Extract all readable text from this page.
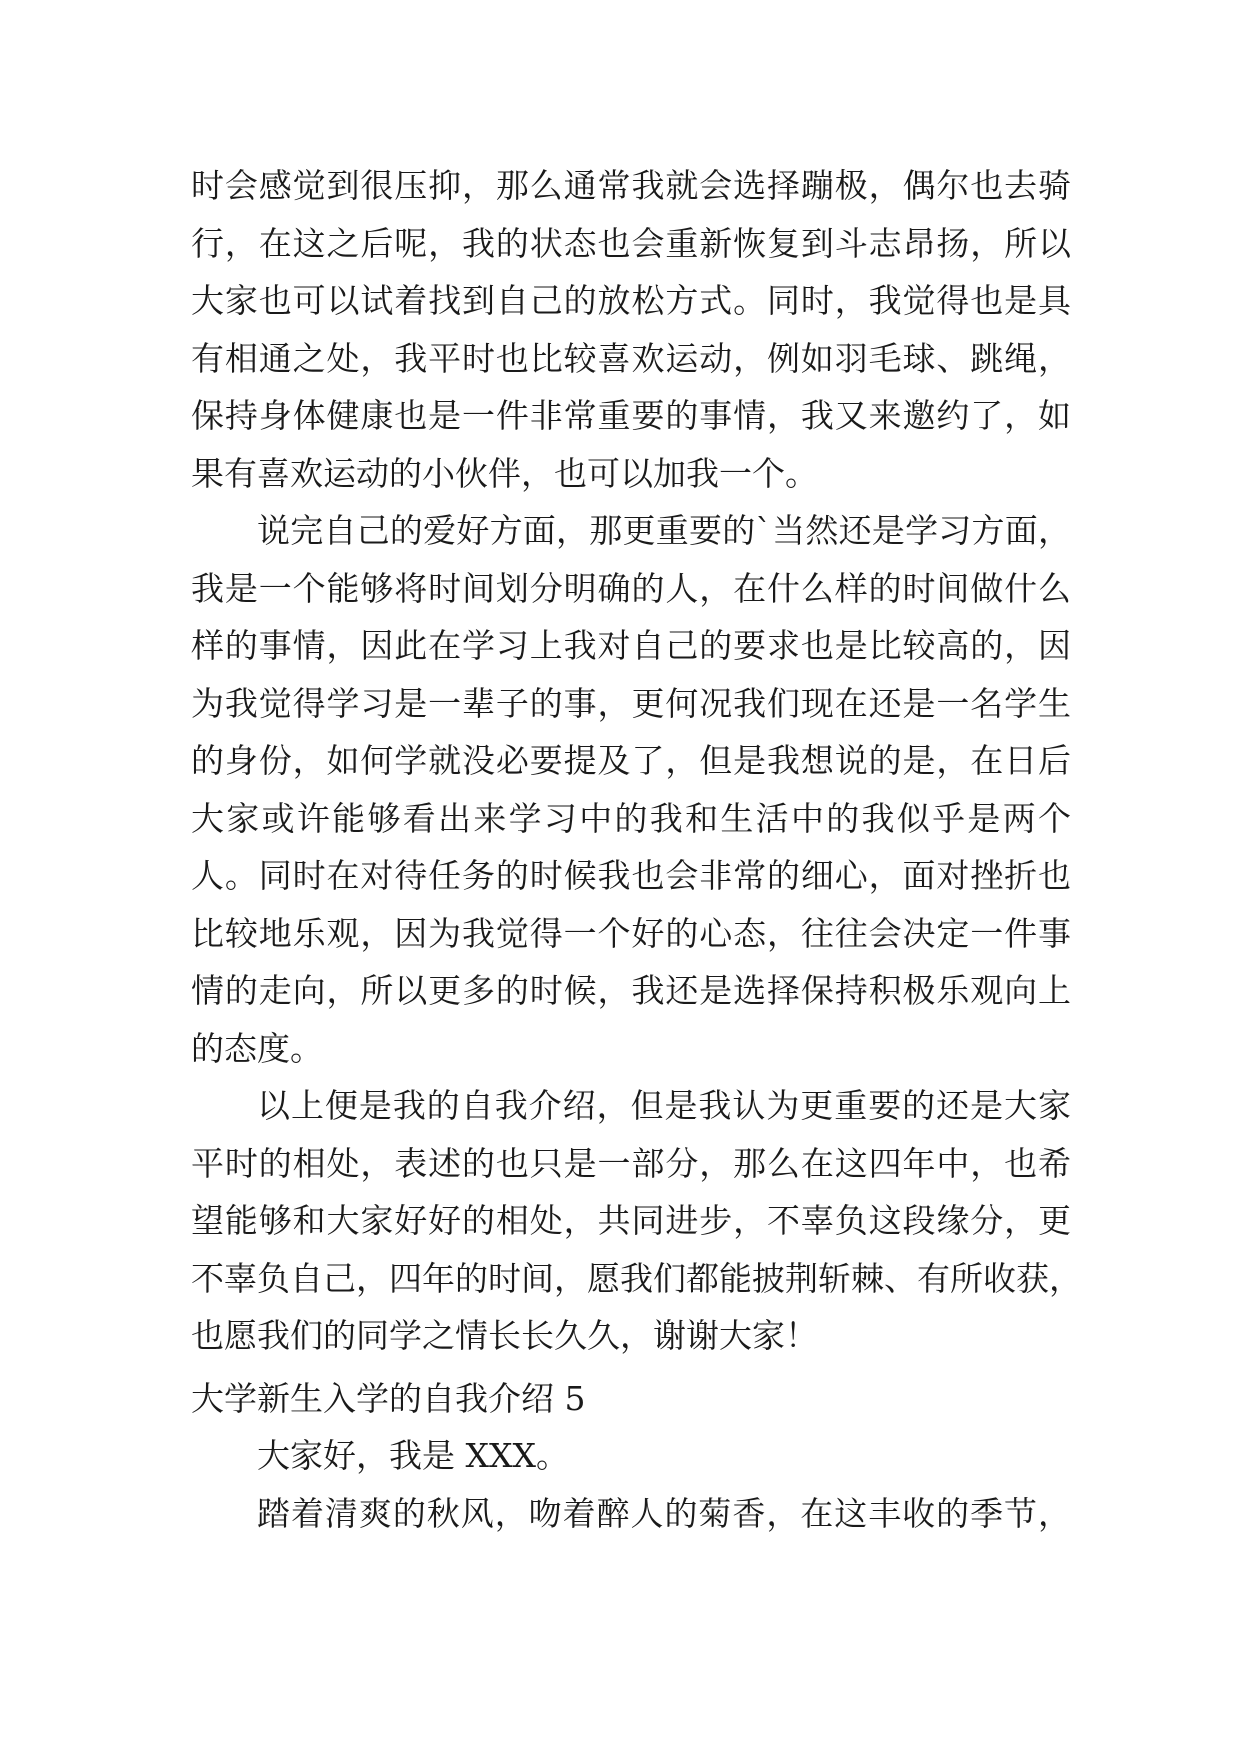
时会感觉到很压抑，那么通常我就会选择蹦极，偶尔也去骑
行，在这之后呢，我的状态也会重新恢复到斗志昂扬，所以
大家也可以试着找到自己的放松方式。同时，我觉得也是具
有相通之处，我平时也比较喜欢运动，例如羽毛球、跳绳，
保持身体健康也是一件非常重要的事情，我又来邀约了，如
果有喜欢运动的小伙伴，也可以加我一个。
说完自己的爱好方面，那更重要的`当然还是学习方面，
我是一个能够将时间划分明确的人，在什么样的时间做什么
样的事情，因此在学习上我对自己的要求也是比较高的，因
为我觉得学习是一辈子的事，更何况我们现在还是一名学生
的身份，如何学就没必要提及了，但是我想说的是，在日后
大家或许能够看出来学习中的我和生活中的我似乎是两个
人。同时在对待任务的时候我也会非常的细心，面对挫折也
比较地乐观，因为我觉得一个好的心态，往往会决定一件事
情的走向，所以更多的时候，我还是选择保持积极乐观向上
的态度。
以上便是我的自我介绍，但是我认为更重要的还是大家
平时的相处，表述的也只是一部分，那么在这四年中，也希
望能够和大家好好的相处，共同进步，不辜负这段缘分，更
不辜负自己，四年的时间，愿我们都能披荆斩棘、有所收获，
也愿我们的同学之情长长久久，谢谢大家！
大学新生入学的自我介绍 5
大家好，我是 XXX。
踏着清爽的秋风，吻着醉人的菊香，在这丰收的季节，
